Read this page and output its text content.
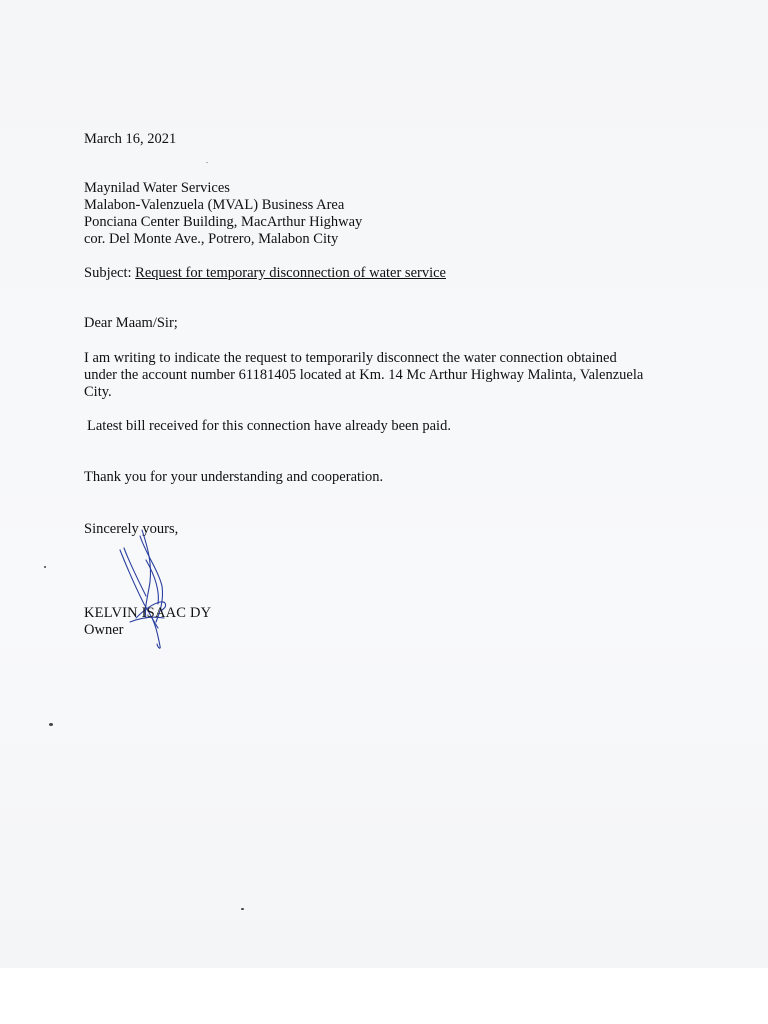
March 16, 2021
Maynilad Water Services
Malabon-Valenzuela (MVAL) Business Area
Ponciana Center Building, MacArthur Highway
cor. Del Monte Ave., Potrero, Malabon City
Subject: Request for temporary disconnection of water service
Dear Maam/Sir;
I am writing to indicate the request to temporarily disconnect the water connection obtained
under the account number 61181405 located at Km. 14 Mc Arthur Highway Malinta, Valenzuela
City.
Latest bill received for this connection have already been paid.
Thank you for your understanding and cooperation.
Sincerely yours,
KELVIN ISAAC DY
Owner
